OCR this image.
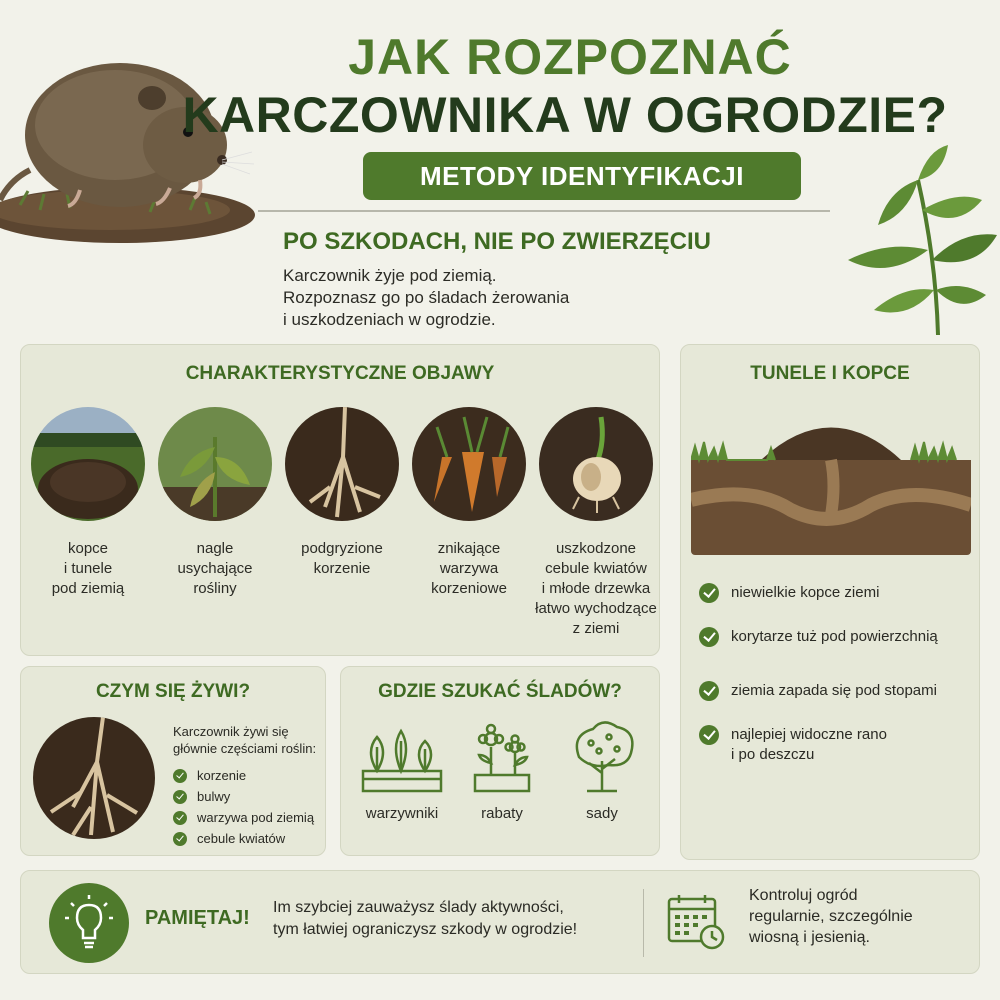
JAK ROZPOZNAĆ
KARCZOWNIKA W OGRODZIE?
METODY IDENTYFIKACJI
PO SZKODACH, NIE PO ZWIERZĘCIU
Karczownik żyje pod ziemią.
Rozpoznasz go po śladach żerowania
i uszkodzeniach w ogrodzie.
CHARAKTERYSTYCZNE OBJAWY
kopce
i tunele
pod ziemią
nagle
usychające
rośliny
podgryzione
korzenie
znikające
warzywa
korzeniowe
uszkodzone
cebule kwiatów
i młode drzewka
łatwo wychodzące
z ziemi
TUNELE I KOPCE
niewielkie kopce ziemi
korytarze tuż pod powierzchnią
ziemia zapada się pod stopami
najlepiej widoczne rano
i po deszczu
CZYM SIĘ ŻYWI?
Karczownik żywi się
głównie częściami roślin:
korzenie
bulwy
warzywa pod ziemią
cebule kwiatów
GDZIE SZUKAĆ ŚLADÓW?
warzywniki	rabaty	sady
PAMIĘTAJ! Im szybciej zauważysz ślady aktywności,
tym łatwiej ograniczysz szkody w ogrodzie!
Kontroluj ogród
regularnie, szczególnie
wiosną i jesienią.
